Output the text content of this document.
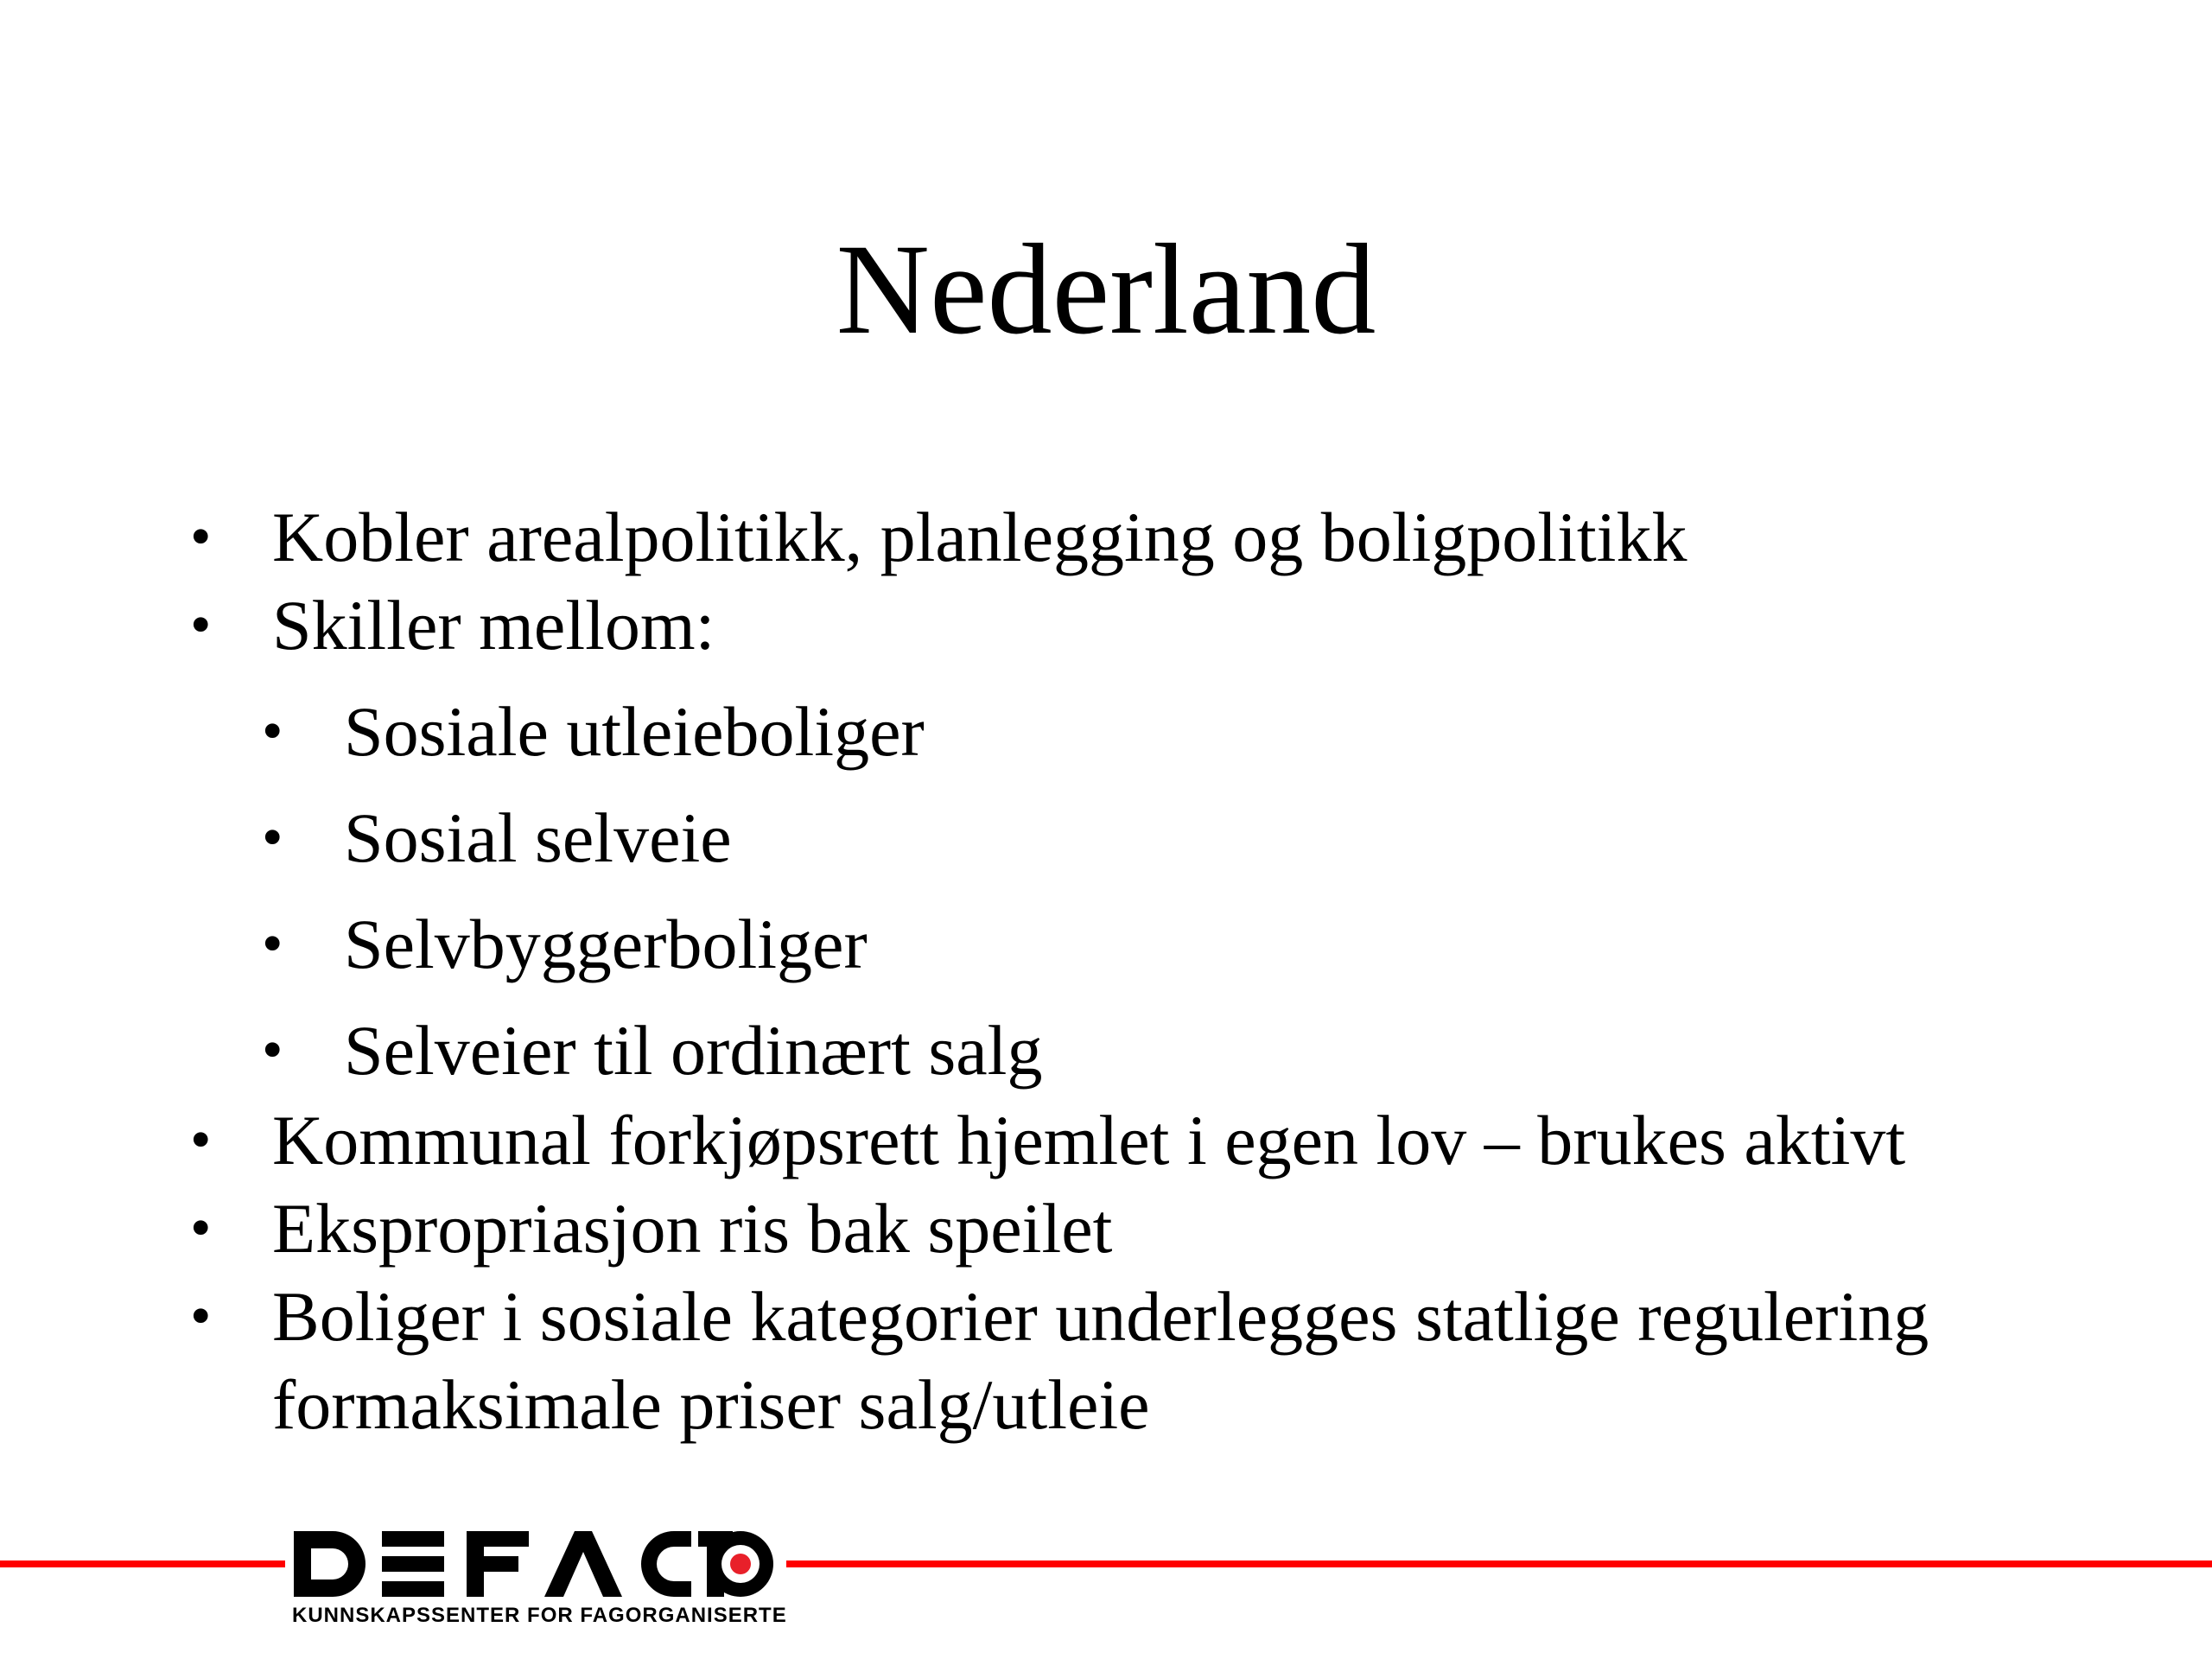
Nederland
• Kobler arealpolitikk, planlegging og boligpolitikk
• Skiller mellom:
• Sosiale utleieboliger
• Sosial selveie
• Selvbyggerboliger
• Selveier til ordinært salg
• Kommunal forkjøpsrett hjemlet i egen lov – brukes aktivt
• Ekspropriasjon ris bak speilet
• Boliger i sosiale kategorier underlegges statlige regulering
formaksimale priser salg/utleie
KUNNSKAPSSENTER FOR FAGORGANISERTE
